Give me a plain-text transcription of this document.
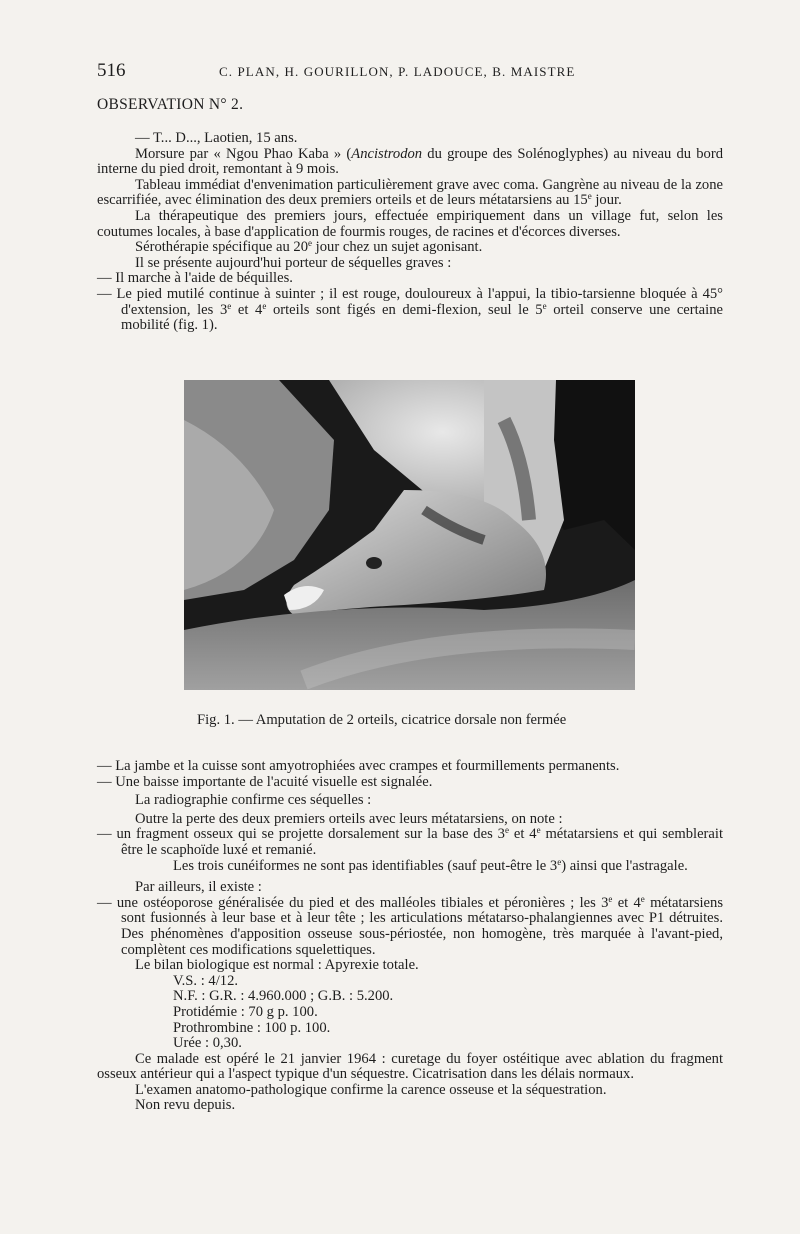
516	C. PLAN, H. GOURILLON, P. LADOUCE, B. MAISTRE
OBSERVATION N° 2.

— T... D..., Laotien, 15 ans.

Morsure par « Ngou Phao Kaba » (Ancistrodon du groupe des Solénoglyphes) au niveau du bord interne du pied droit, remontant à 9 mois.

Tableau immédiat d'envenimation particulièrement grave avec coma. Gangrène au niveau de la zone escarrifiée, avec élimination des deux premiers orteils et de leurs métatarsiens au 15e jour.

La thérapeutique des premiers jours, effectuée empiriquement dans un village fut, selon les coutumes locales, à base d'application de fourmis rouges, de racines et d'écorces diverses.

Sérothérapie spécifique au 20e jour chez un sujet agonisant.

Il se présente aujourd'hui porteur de séquelles graves :

— Il marche à l'aide de béquilles.

— Le pied mutilé continue à suinter ; il est rouge, douloureux à l'appui, la tibio-tarsienne bloquée à 45° d'extension, les 3e et 4e orteils sont figés en demi-flexion, seul le 5e orteil conserve une certaine mobilité (fig. 1).

Fig. 1. — Amputation de 2 orteils, cicatrice dorsale non fermée

— La jambe et la cuisse sont amyotrophiées avec crampes et fourmillements permanents.

— Une baisse importante de l'acuité visuelle est signalée.

La radiographie confirme ces séquelles :

Outre la perte des deux premiers orteils avec leurs métatarsiens, on note :

— un fragment osseux qui se projette dorsalement sur la base des 3e et 4e métatarsiens et qui semblerait être le scaphoïde luxé et remanié.

Les trois cunéiformes ne sont pas identifiables (sauf peut-être le 3e) ainsi que l'astragale.

Par ailleurs, il existe :

— une ostéoporose généralisée du pied et des malléoles tibiales et péronières ; les 3e et 4e métatarsiens sont fusionnés à leur base et à leur tête ; les articulations métatarso-phalangiennes avec P1 détruites. Des phénomènes d'apposition osseuse sous-périostée, non homogène, très marquée à l'avant-pied, complètent ces modifications squelettiques.

Le bilan biologique est normal : Apyrexie totale.

V.S. : 4/12.

N.F. : G.R. : 4.960.000 ; G.B. : 5.200.

Protidémie : 70 g p. 100.

Prothrombine : 100 p. 100.

Urée : 0,30.

Ce malade est opéré le 21 janvier 1964 : curetage du foyer ostéitique avec ablation du fragment osseux antérieur qui a l'aspect typique d'un séquestre. Cicatrisation dans les délais normaux.

L'examen anatomo-pathologique confirme la carence osseuse et la séquestration.

Non revu depuis.
